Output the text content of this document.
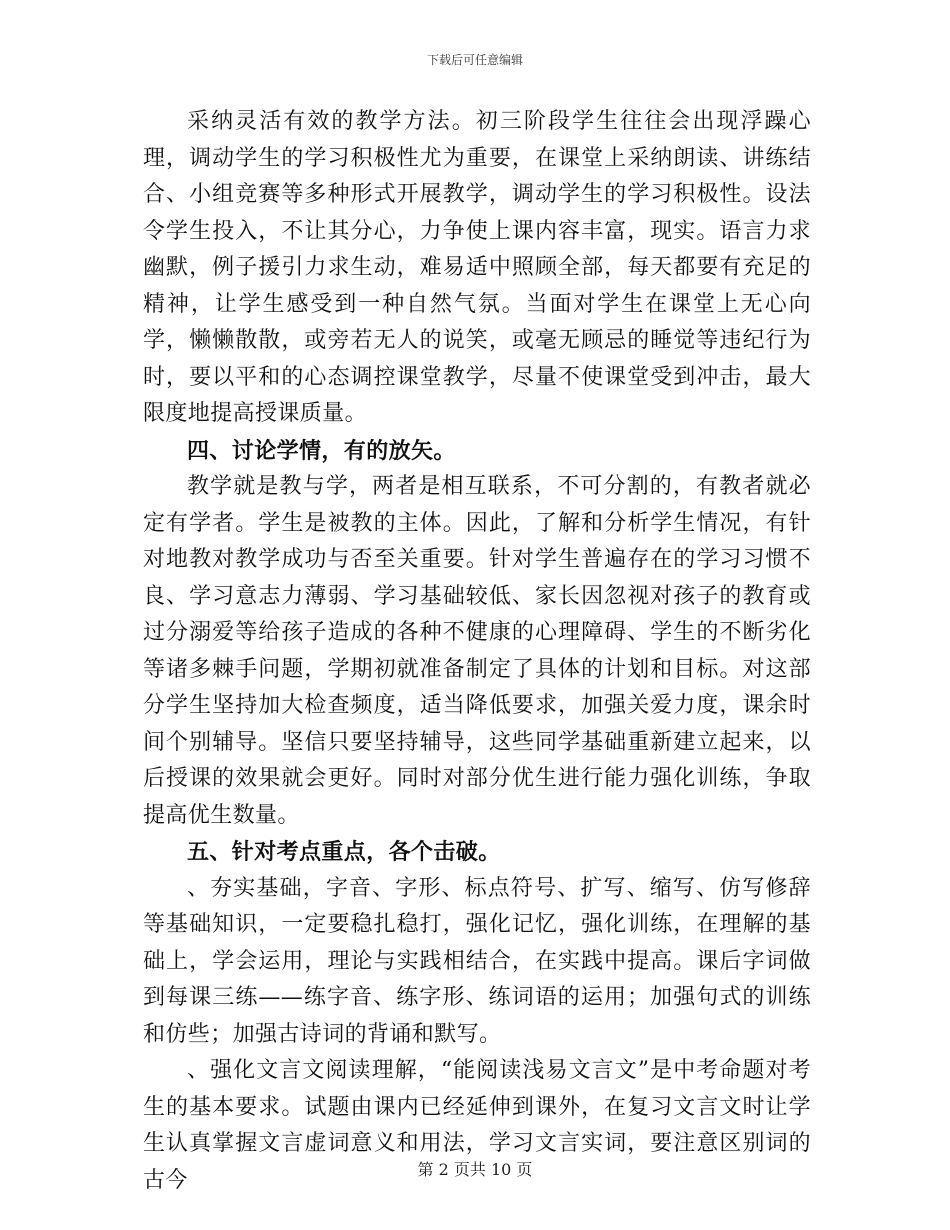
下载后可任意编辑

采纳灵活有效的教学方法。初三阶段学生往往会出现浮躁心理，调动学生的学习积极性尤为重要，在课堂上采纳朗读、讲练结合、小组竞赛等多种形式开展教学，调动学生的学习积极性。设法令学生投入，不让其分心，力争使上课内容丰富，现实。语言力求幽默，例子援引力求生动，难易适中照顾全部，每天都要有充足的精神，让学生感受到一种自然气氛。当面对学生在课堂上无心向学，懒懒散散，或旁若无人的说笑，或毫无顾忌的睡觉等违纪行为时，要以平和的心态调控课堂教学，尽量不使课堂受到冲击，最大限度地提高授课质量。

四、讨论学情，有的放矢。

教学就是教与学，两者是相互联系，不可分割的，有教者就必定有学者。学生是被教的主体。因此，了解和分析学生情况，有针对地教对教学成功与否至关重要。针对学生普遍存在的学习习惯不良、学习意志力薄弱、学习基础较低、家长因忽视对孩子的教育或过分溺爱等给孩子造成的各种不健康的心理障碍、学生的不断劣化等诸多棘手问题，学期初就准备制定了具体的计划和目标。对这部分学生坚持加大检查频度，适当降低要求，加强关爱力度，课余时间个别辅导。坚信只要坚持辅导，这些同学基础重新建立起来，以后授课的效果就会更好。同时对部分优生进行能力强化训练，争取提高优生数量。

五、针对考点重点，各个击破。

、夯实基础，字音、字形、标点符号、扩写、缩写、仿写修辞等基础知识，一定要稳扎稳打，强化记忆，强化训练，在理解的基础上，学会运用，理论与实践相结合，在实践中提高。课后字词做到每课三练——练字音、练字形、练词语的运用；加强句式的训练和仿些；加强古诗词的背诵和默写。

、强化文言文阅读理解，“能阅读浅易文言文”是中考命题对考生的基本要求。试题由课内已经延伸到课外，在复习文言文时让学生认真掌握文言虚词意义和用法，学习文言实词，要注意区别词的古今	第 2 页共 10 页
